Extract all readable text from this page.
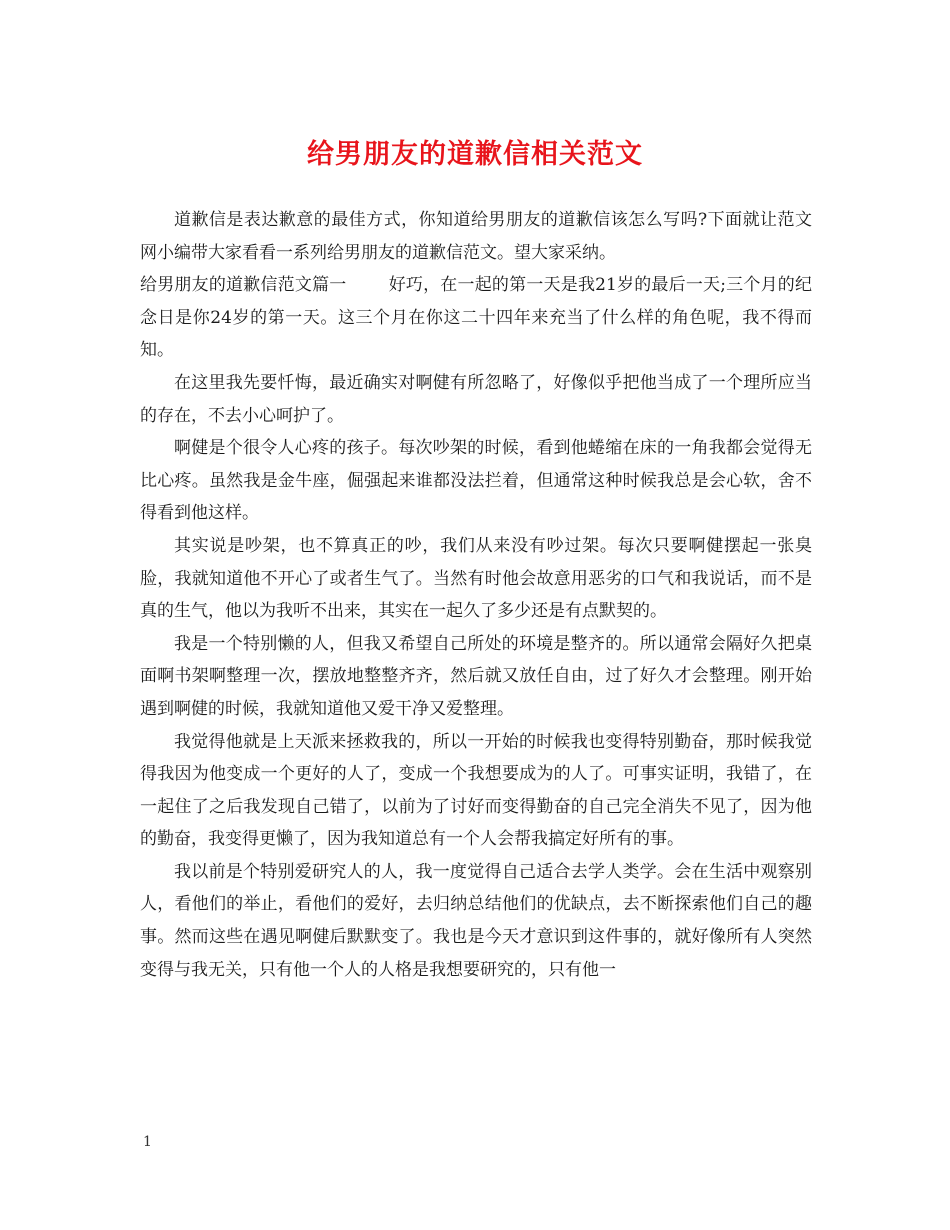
给男朋友的道歉信相关范文

道歉信是表达歉意的最佳方式，你知道给男朋友的道歉信该怎么写吗?下面就让范文网小编带大家看看一系列给男朋友的道歉信范文。望大家采纳。

给男朋友的道歉信范文篇一 好巧，在一起的第一天是我21岁的最后一天;三个月的纪念日是你24岁的第一天。这三个月在你这二十四年来充当了什么样的角色呢，我不得而知。

在这里我先要忏悔，最近确实对啊健有所忽略了，好像似乎把他当成了一个理所应当的存在，不去小心呵护了。

啊健是个很令人心疼的孩子。每次吵架的时候，看到他蜷缩在床的一角我都会觉得无比心疼。虽然我是金牛座，倔强起来谁都没法拦着，但通常这种时候我总是会心软，舍不得看到他这样。

其实说是吵架，也不算真正的吵，我们从来没有吵过架。每次只要啊健摆起一张臭脸，我就知道他不开心了或者生气了。当然有时他会故意用恶劣的口气和我说话，而不是真的生气，他以为我听不出来，其实在一起久了多少还是有点默契的。

我是一个特别懒的人，但我又希望自己所处的环境是整齐的。所以通常会隔好久把桌面啊书架啊整理一次，摆放地整整齐齐，然后就又放任自由，过了好久才会整理。刚开始遇到啊健的时候，我就知道他又爱干净又爱整理。

我觉得他就是上天派来拯救我的，所以一开始的时候我也变得特别勤奋，那时候我觉得我因为他变成一个更好的人了，变成一个我想要成为的人了。可事实证明，我错了，在一起住了之后我发现自己错了，以前为了讨好而变得勤奋的自己完全消失不见了，因为他的勤奋，我变得更懒了，因为我知道总有一个人会帮我搞定好所有的事。

我以前是个特别爱研究人的人，我一度觉得自己适合去学人类学。会在生活中观察别人，看他们的举止，看他们的爱好，去归纳总结他们的优缺点，去不断探索他们自己的趣事。然而这些在遇见啊健后默默变了。我也是今天才意识到这件事的，就好像所有人突然变得与我无关，只有他一个人的人格是我想要研究的，只有他一

1
